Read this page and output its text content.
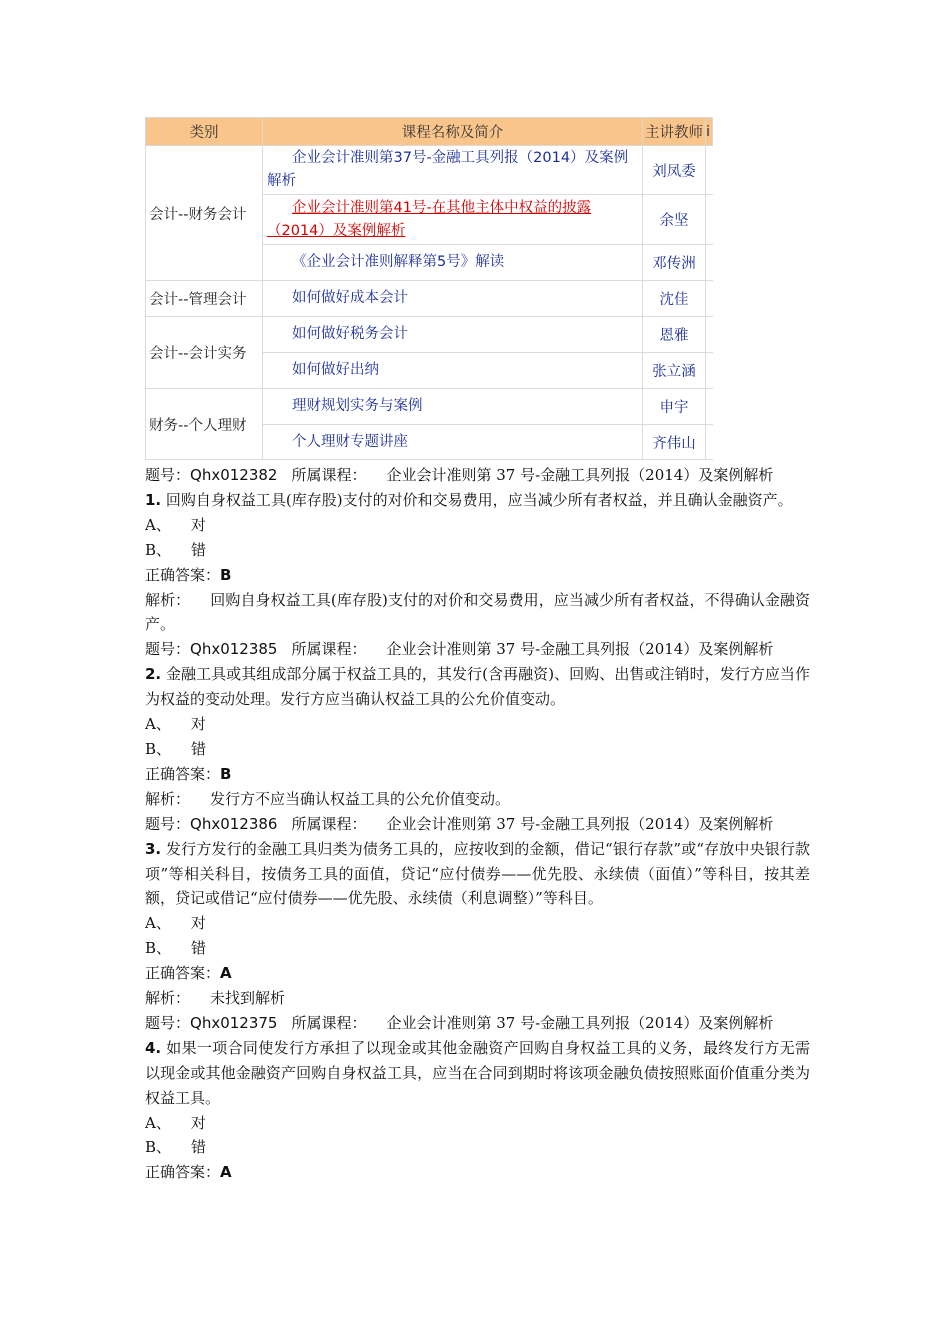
类别	课程名称及简介	主讲教师	i
会计--财务会计	企业会计准则第37号-金融工具列报（2014）及案例解析	刘凤委	
	企业会计准则第41号-在其他主体中权益的披露（2014）及案例解析	余坚	
	《企业会计准则解释第5号》解读	邓传洲	
会计--管理会计	如何做好成本会计	沈佳	
会计--会计实务	如何做好税务会计	恩雅	
	如何做好出纳	张立涵	
财务--个人理财	理财规划实务与案例	申宇	
	个人理财专题讲座	齐伟山	
题号：Qhx012382 所属课程： 企业会计准则第 37 号-金融工具列报（2014）及案例解析
1. 回购自身权益工具(库存股)支付的对价和交易费用，应当减少所有者权益，并且确认金融资产。
A、 对
B、 错
正确答案：B
解析： 回购自身权益工具(库存股)支付的对价和交易费用，应当减少所有者权益，不得确认金融资产。
题号：Qhx012385 所属课程： 企业会计准则第 37 号-金融工具列报（2014）及案例解析
2. 金融工具或其组成部分属于权益工具的，其发行(含再融资)、回购、出售或注销时，发行方应当作为权益的变动处理。发行方应当确认权益工具的公允价值变动。
A、 对
B、 错
正确答案：B
解析： 发行方不应当确认权益工具的公允价值变动。
题号：Qhx012386 所属课程： 企业会计准则第 37 号-金融工具列报（2014）及案例解析
3. 发行方发行的金融工具归类为债务工具的，应按收到的金额，借记“银行存款”或“存放中央银行款项”等相关科目，按债务工具的面值，贷记“应付债券——优先股、永续债（面值）”等科目，按其差额，贷记或借记“应付债券——优先股、永续债（利息调整）”等科目。
A、 对
B、 错
正确答案：A
解析： 未找到解析
题号：Qhx012375 所属课程： 企业会计准则第 37 号-金融工具列报（2014）及案例解析
4. 如果一项合同使发行方承担了以现金或其他金融资产回购自身权益工具的义务，最终发行方无需以现金或其他金融资产回购自身权益工具，应当在合同到期时将该项金融负债按照账面价值重分类为权益工具。
A、 对
B、 错
正确答案：A
